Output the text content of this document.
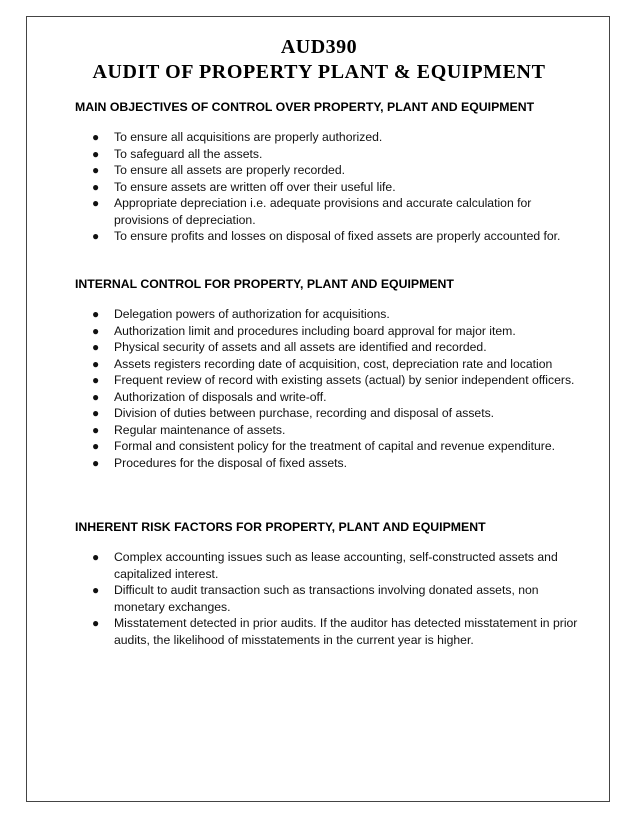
AUD390
AUDIT OF PROPERTY PLANT & EQUIPMENT
MAIN OBJECTIVES OF CONTROL OVER PROPERTY, PLANT AND EQUIPMENT
● To ensure all acquisitions are properly authorized.
● To safeguard all the assets.
● To ensure all assets are properly recorded.
● To ensure assets are written off over their useful life.
● Appropriate depreciation i.e. adequate provisions and accurate calculation for provisions of depreciation.
● To ensure profits and losses on disposal of fixed assets are properly accounted for.
INTERNAL CONTROL FOR PROPERTY, PLANT AND EQUIPMENT
● Delegation powers of authorization for acquisitions.
● Authorization limit and procedures including board approval for major item.
● Physical security of assets and all assets are identified and recorded.
● Assets registers recording date of acquisition, cost, depreciation rate and location
● Frequent review of record with existing assets (actual) by senior independent officers.
● Authorization of disposals and write-off.
● Division of duties between purchase, recording and disposal of assets.
● Regular maintenance of assets.
● Formal and consistent policy for the treatment of capital and revenue expenditure.
● Procedures for the disposal of fixed assets.
INHERENT RISK FACTORS FOR PROPERTY, PLANT AND EQUIPMENT
● Complex accounting issues such as lease accounting, self-constructed assets and capitalized interest.
● Difficult to audit transaction such as transactions involving donated assets, non monetary exchanges.
● Misstatement detected in prior audits. If the auditor has detected misstatement in prior audits, the likelihood of misstatements in the current year is higher.
